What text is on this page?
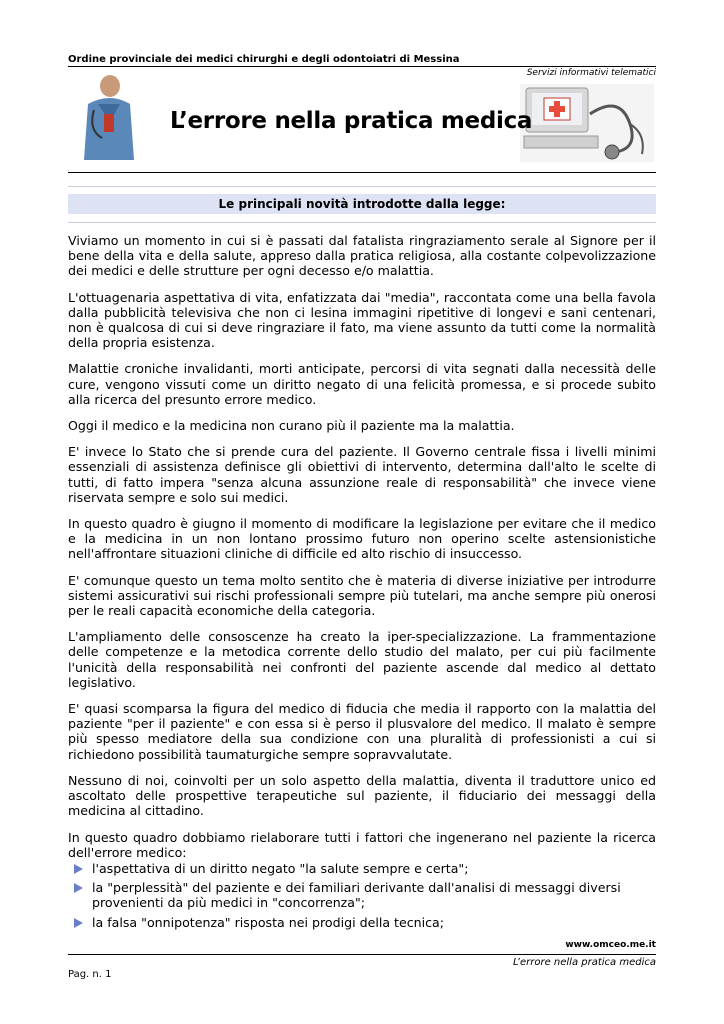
Ordine provinciale dei medici chirurghi e degli odontoiatri di Messina
Servizi informativi telematici
L’errore nella pratica medica
Le principali novità introdotte dalla legge:

Viviamo un momento in cui si è passati dal fatalista ringraziamento serale al Signore per il bene della vita e della salute, appreso dalla pratica religiosa, alla costante colpevolizzazione dei medici e delle strutture per ogni decesso e/o malattia.

L'ottuagenaria aspettativa di vita, enfatizzata dai "media", raccontata come una bella favola dalla pubblicità televisiva che non ci lesina immagini ripetitive di longevi e sani centenari, non è qualcosa di cui si deve ringraziare il fato, ma viene assunto da tutti come la normalità della propria esistenza.

Malattie croniche invalidanti, morti anticipate, percorsi di vita segnati dalla necessità delle cure, vengono vissuti come un diritto negato di una felicità promessa, e si procede subito alla ricerca del presunto errore medico.

Oggi il medico e la medicina non curano più il paziente ma la malattia.

E' invece lo Stato che si prende cura del paziente. Il Governo centrale fissa i livelli minimi essenziali di assistenza definisce gli obiettivi di intervento, determina dall'alto le scelte di tutti, di fatto impera "senza alcuna assunzione reale di responsabilità" che invece viene riservata sempre e solo sui medici.

In questo quadro è giugno il momento di modificare la legislazione per evitare che il medico e la medicina in un non lontano prossimo futuro non operino scelte astensionistiche nell'affrontare situazioni cliniche di difficile ed alto rischio di insuccesso.

E' comunque questo un tema molto sentito che è materia di diverse iniziative per introdurre sistemi assicurativi sui rischi professionali sempre più tutelari, ma anche sempre più onerosi per le reali capacità economiche della categoria.

L'ampliamento delle consoscenze ha creato la iper-specializzazione. La frammentazione delle competenze e la metodica corrente dello studio del malato, per cui più facilmente l'unicità della responsabilità nei confronti del paziente ascende dal medico al dettato legislativo.

E' quasi scomparsa la figura del medico di fiducia che media il rapporto con la malattia del paziente "per il paziente" e con essa si è perso il plusvalore del medico. Il malato è sempre più spesso mediatore della sua condizione con una pluralità di professionisti a cui si richiedono possibilità taumaturgiche sempre sopravvalutate.

Nessuno di noi, coinvolti per un solo aspetto della malattia, diventa il traduttore unico ed ascoltato delle prospettive terapeutiche sul paziente, il fiduciario dei messaggi della medicina al cittadino.

In questo quadro dobbiamo rielaborare tutti i fattori che ingenerano nel paziente la ricerca dell'errore medico:

l'aspettativa di un diritto negato "la salute sempre e certa";
la "perplessità" del paziente e dei familiari derivante dall'analisi di messaggi diversi provenienti da più medici in "concorrenza";
la falsa "onnipotenza" risposta nei prodigi della tecnica;
www.omceo.me.it
L’errore nella pratica medica
Pag. n. 1
